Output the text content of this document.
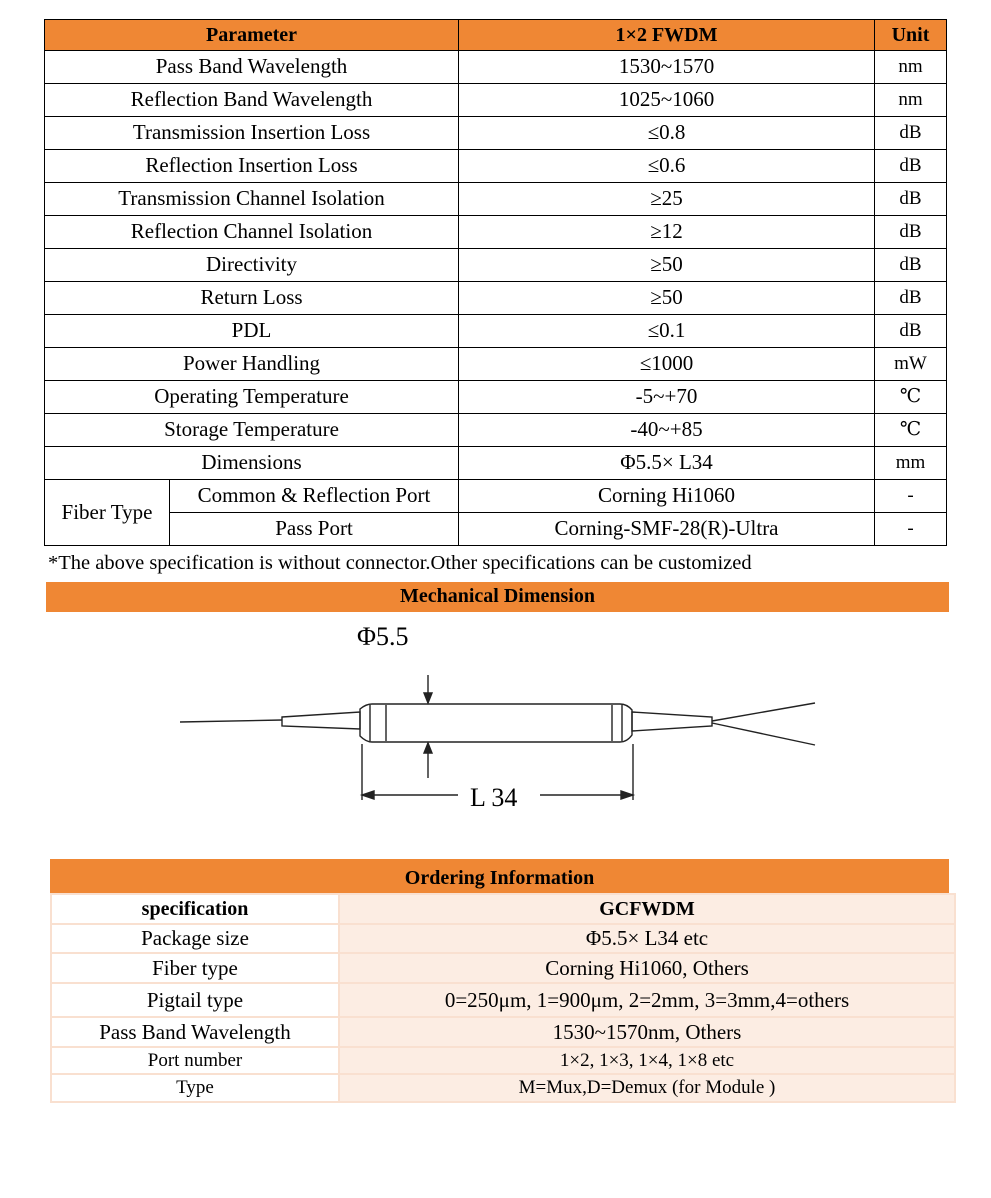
Parameter		1×2 FWDM	Unit
Pass Band Wavelength		1530~1570	nm
Reflection Band Wavelength		1025~1060	nm
Transmission Insertion Loss		≤0.8	dB
Reflection Insertion Loss		≤0.6	dB
Transmission Channel Isolation		≥25	dB
Reflection Channel Isolation		≥12	dB
Directivity		≥50	dB
Return Loss		≥50	dB
PDL		≤0.1	dB
Power Handling		≤1000	mW
Operating Temperature		-5~+70	℃
Storage Temperature		-40~+85	℃
Dimensions		Φ5.5× L34	mm
Fiber Type	Common & Reflection Port	Corning Hi1060	-
	Pass Port	Corning-SMF-28(R)-Ultra	-
*The above specification is without connector.Other specifications can be customized
Mechanical Dimension
Φ5.5
L 34
Ordering Information
specification	GCFWDM
Package size	Φ5.5× L34 etc
Fiber type	Corning Hi1060, Others
Pigtail type	0=250μm, 1=900μm, 2=2mm, 3=3mm,4=others
Pass Band Wavelength	1530~1570nm, Others
Port number	1×2, 1×3, 1×4, 1×8 etc
Type	M=Mux,D=Demux (for Module )
